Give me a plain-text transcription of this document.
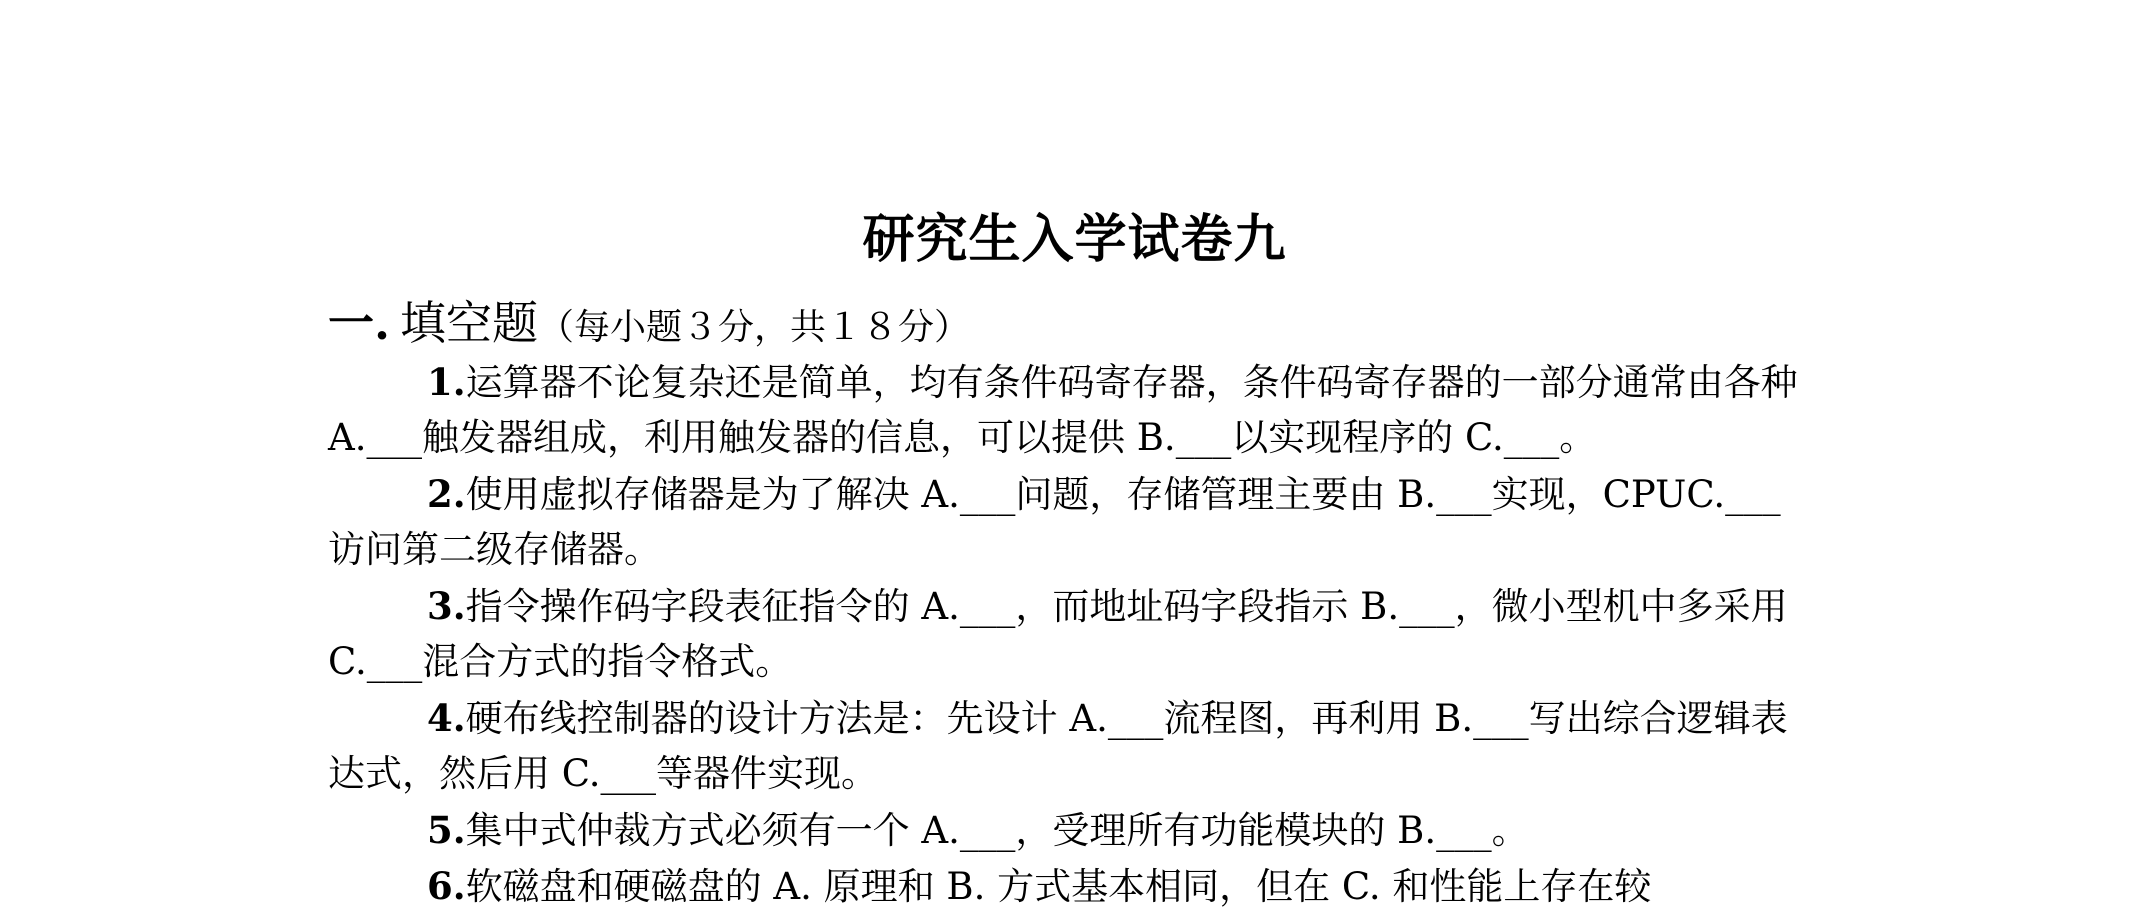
研究生入学试卷九
一. 填空题（每小题３分，共１８分）
1.运算器不论复杂还是简单，均有条件码寄存器，条件码寄存器的一部分通常由各种
A.___触发器组成，利用触发器的信息，可以提供 B.___以实现程序的 C.___。
2.使用虚拟存储器是为了解决 A.___问题，存储管理主要由 B.___实现，CPUC.___
访问第二级存储器。
3.指令操作码字段表征指令的 A.___，而地址码字段指示 B.___，微小型机中多采用
C.___混合方式的指令格式。
4.硬布线控制器的设计方法是：先设计 A.___流程图，再利用 B.___写出综合逻辑表
达式，然后用 C.___等器件实现。
5.集中式仲裁方式必须有一个 A.___，受理所有功能模块的 B.___。
6.软磁盘和硬磁盘的 A. 原理和 B. 方式基本相同，但在 C. 和性能上存在较
